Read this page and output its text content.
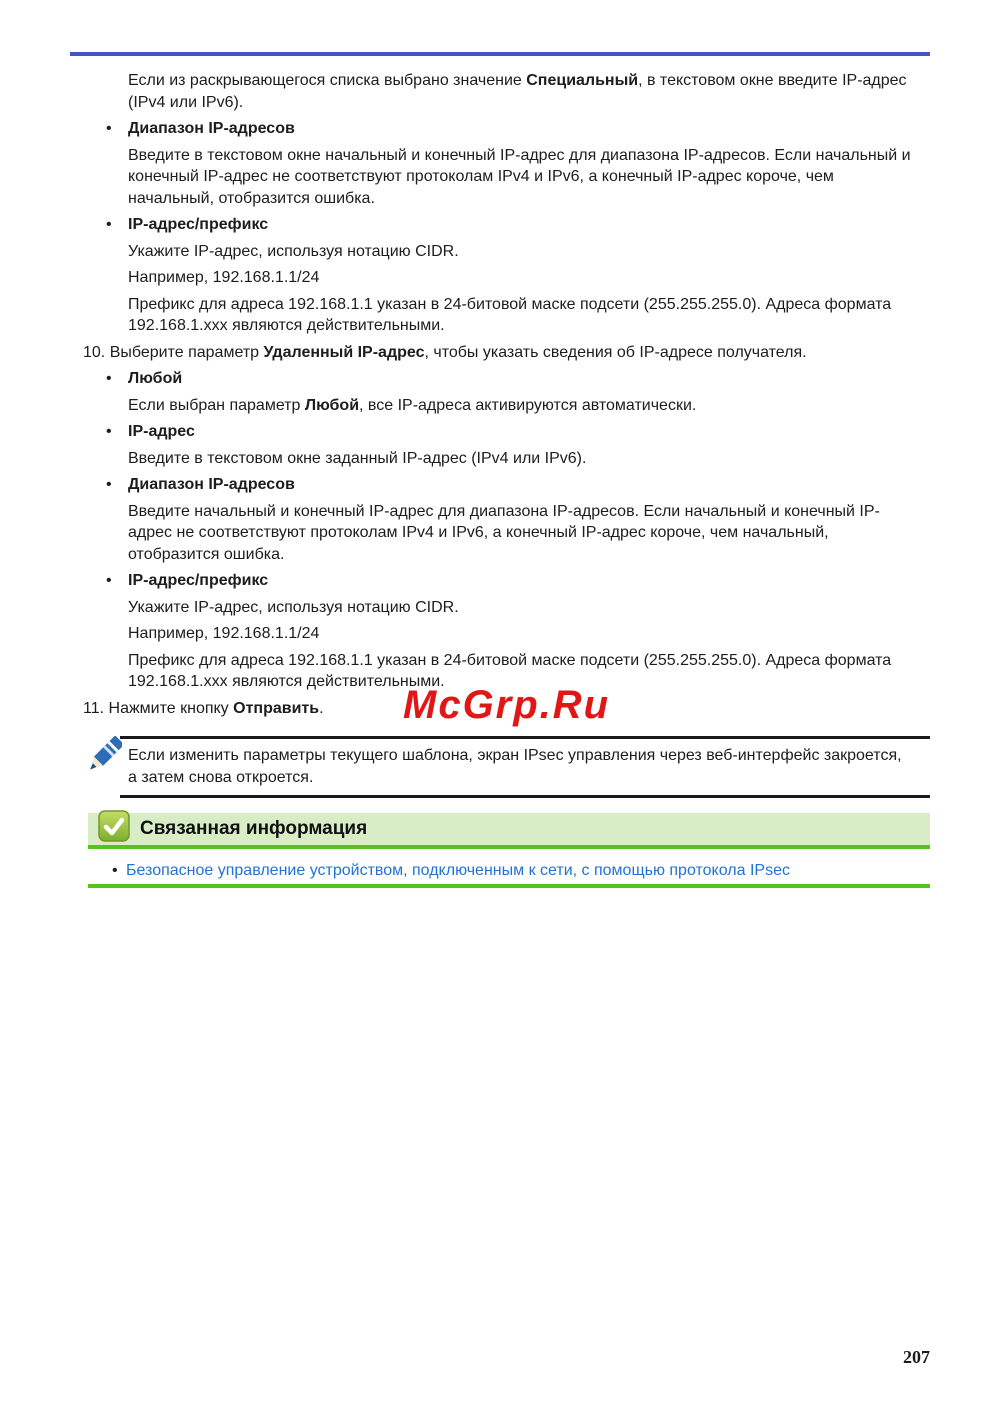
Если из раскрывающегося списка выбрано значение Специальный, в текстовом окне введите IP-адрес (IPv4 или IPv6).

• Диапазон IP-адресов

Введите в текстовом окне начальный и конечный IP-адрес для диапазона IP-адресов. Если начальный и конечный IP-адрес не соответствуют протоколам IPv4 и IPv6, а конечный IP-адрес короче, чем начальный, отобразится ошибка.

• IP-адрес/префикс

Укажите IP-адрес, используя нотацию CIDR.

Например, 192.168.1.1/24

Префикс для адреса 192.168.1.1 указан в 24-битовой маске подсети (255.255.255.0). Адреса формата 192.168.1.xxx являются действительными.

10. Выберите параметр Удаленный IP-адрес, чтобы указать сведения об IP-адресе получателя.
• Любой

Если выбран параметр Любой, все IP-адреса активируются автоматически.

• IP-адрес

Введите в текстовом окне заданный IP-адрес (IPv4 или IPv6).

• Диапазон IP-адресов

Введите начальный и конечный IP-адрес для диапазона IP-адресов. Если начальный и конечный IP-адрес не соответствуют протоколам IPv4 и IPv6, а конечный IP-адрес короче, чем начальный, отобразится ошибка.

• IP-адрес/префикс

Укажите IP-адрес, используя нотацию CIDR.

Например, 192.168.1.1/24

Префикс для адреса 192.168.1.1 указан в 24-битовой маске подсети (255.255.255.0). Адреса формата 192.168.1.xxx являются действительными.

11. Нажмите кнопку Отправить.	McGrp.Ru
Если изменить параметры текущего шаблона, экран IPsec управления через веб-интерфейс закроется, а затем снова откроется.
Связанная информация
• Безопасное управление устройством, подключенным к сети, с помощью протокола IPsec
207
